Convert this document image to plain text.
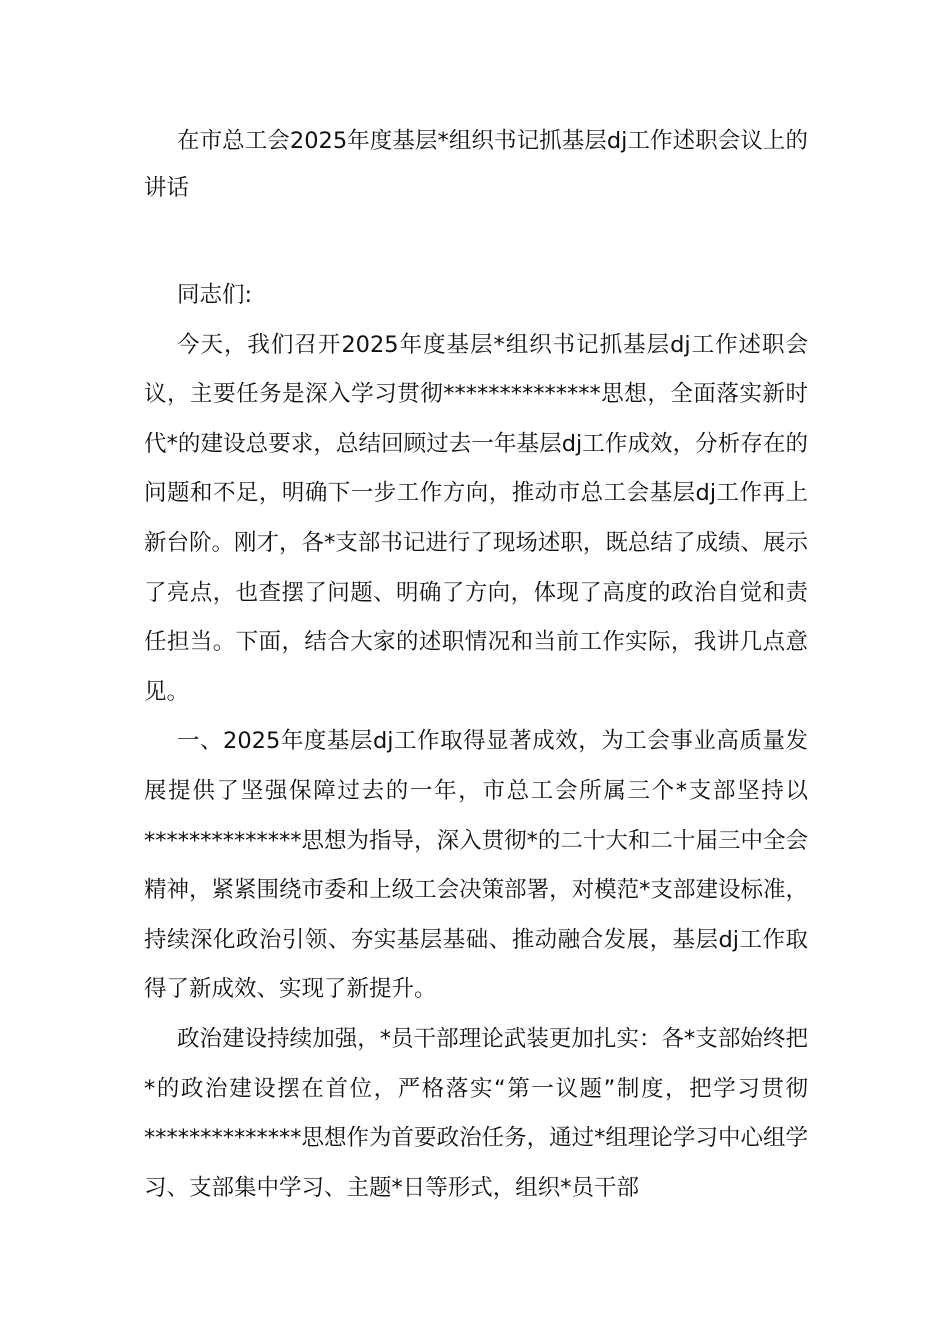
在市总工会2025年度基层*组织书记抓基层dj工作述职会议上的讲话

同志们:

今天，我们召开2025年度基层*组织书记抓基层dj工作述职会议，主要任务是深入学习贯彻**************思想，全面落实新时代*的建设总要求，总结回顾过去一年基层dj工作成效，分析存在的问题和不足，明确下一步工作方向，推动市总工会基层dj工作再上新台阶。刚才，各*支部书记进行了现场述职，既总结了成绩、展示了亮点，也查摆了问题、明确了方向，体现了高度的政治自觉和责任担当。下面，结合大家的述职情况和当前工作实际，我讲几点意见。

一、2025年度基层dj工作取得显著成效，为工会事业高质量发展提供了坚强保障过去的一年，市总工会所属三个*支部坚持以**************思想为指导，深入贯彻*的二十大和二十届三中全会精神，紧紧围绕市委和上级工会决策部署，对模范*支部建设标准，持续深化政治引领、夯实基层基础、推动融合发展，基层dj工作取得了新成效、实现了新提升。

政治建设持续加强，*员干部理论武装更加扎实：各*支部始终把*的政治建设摆在首位，严格落实“第一议题”制度，把学习贯彻**************思想作为首要政治任务，通过*组理论学习中心组学习、支部集中学习、主题*日等形式，组织*员干部
